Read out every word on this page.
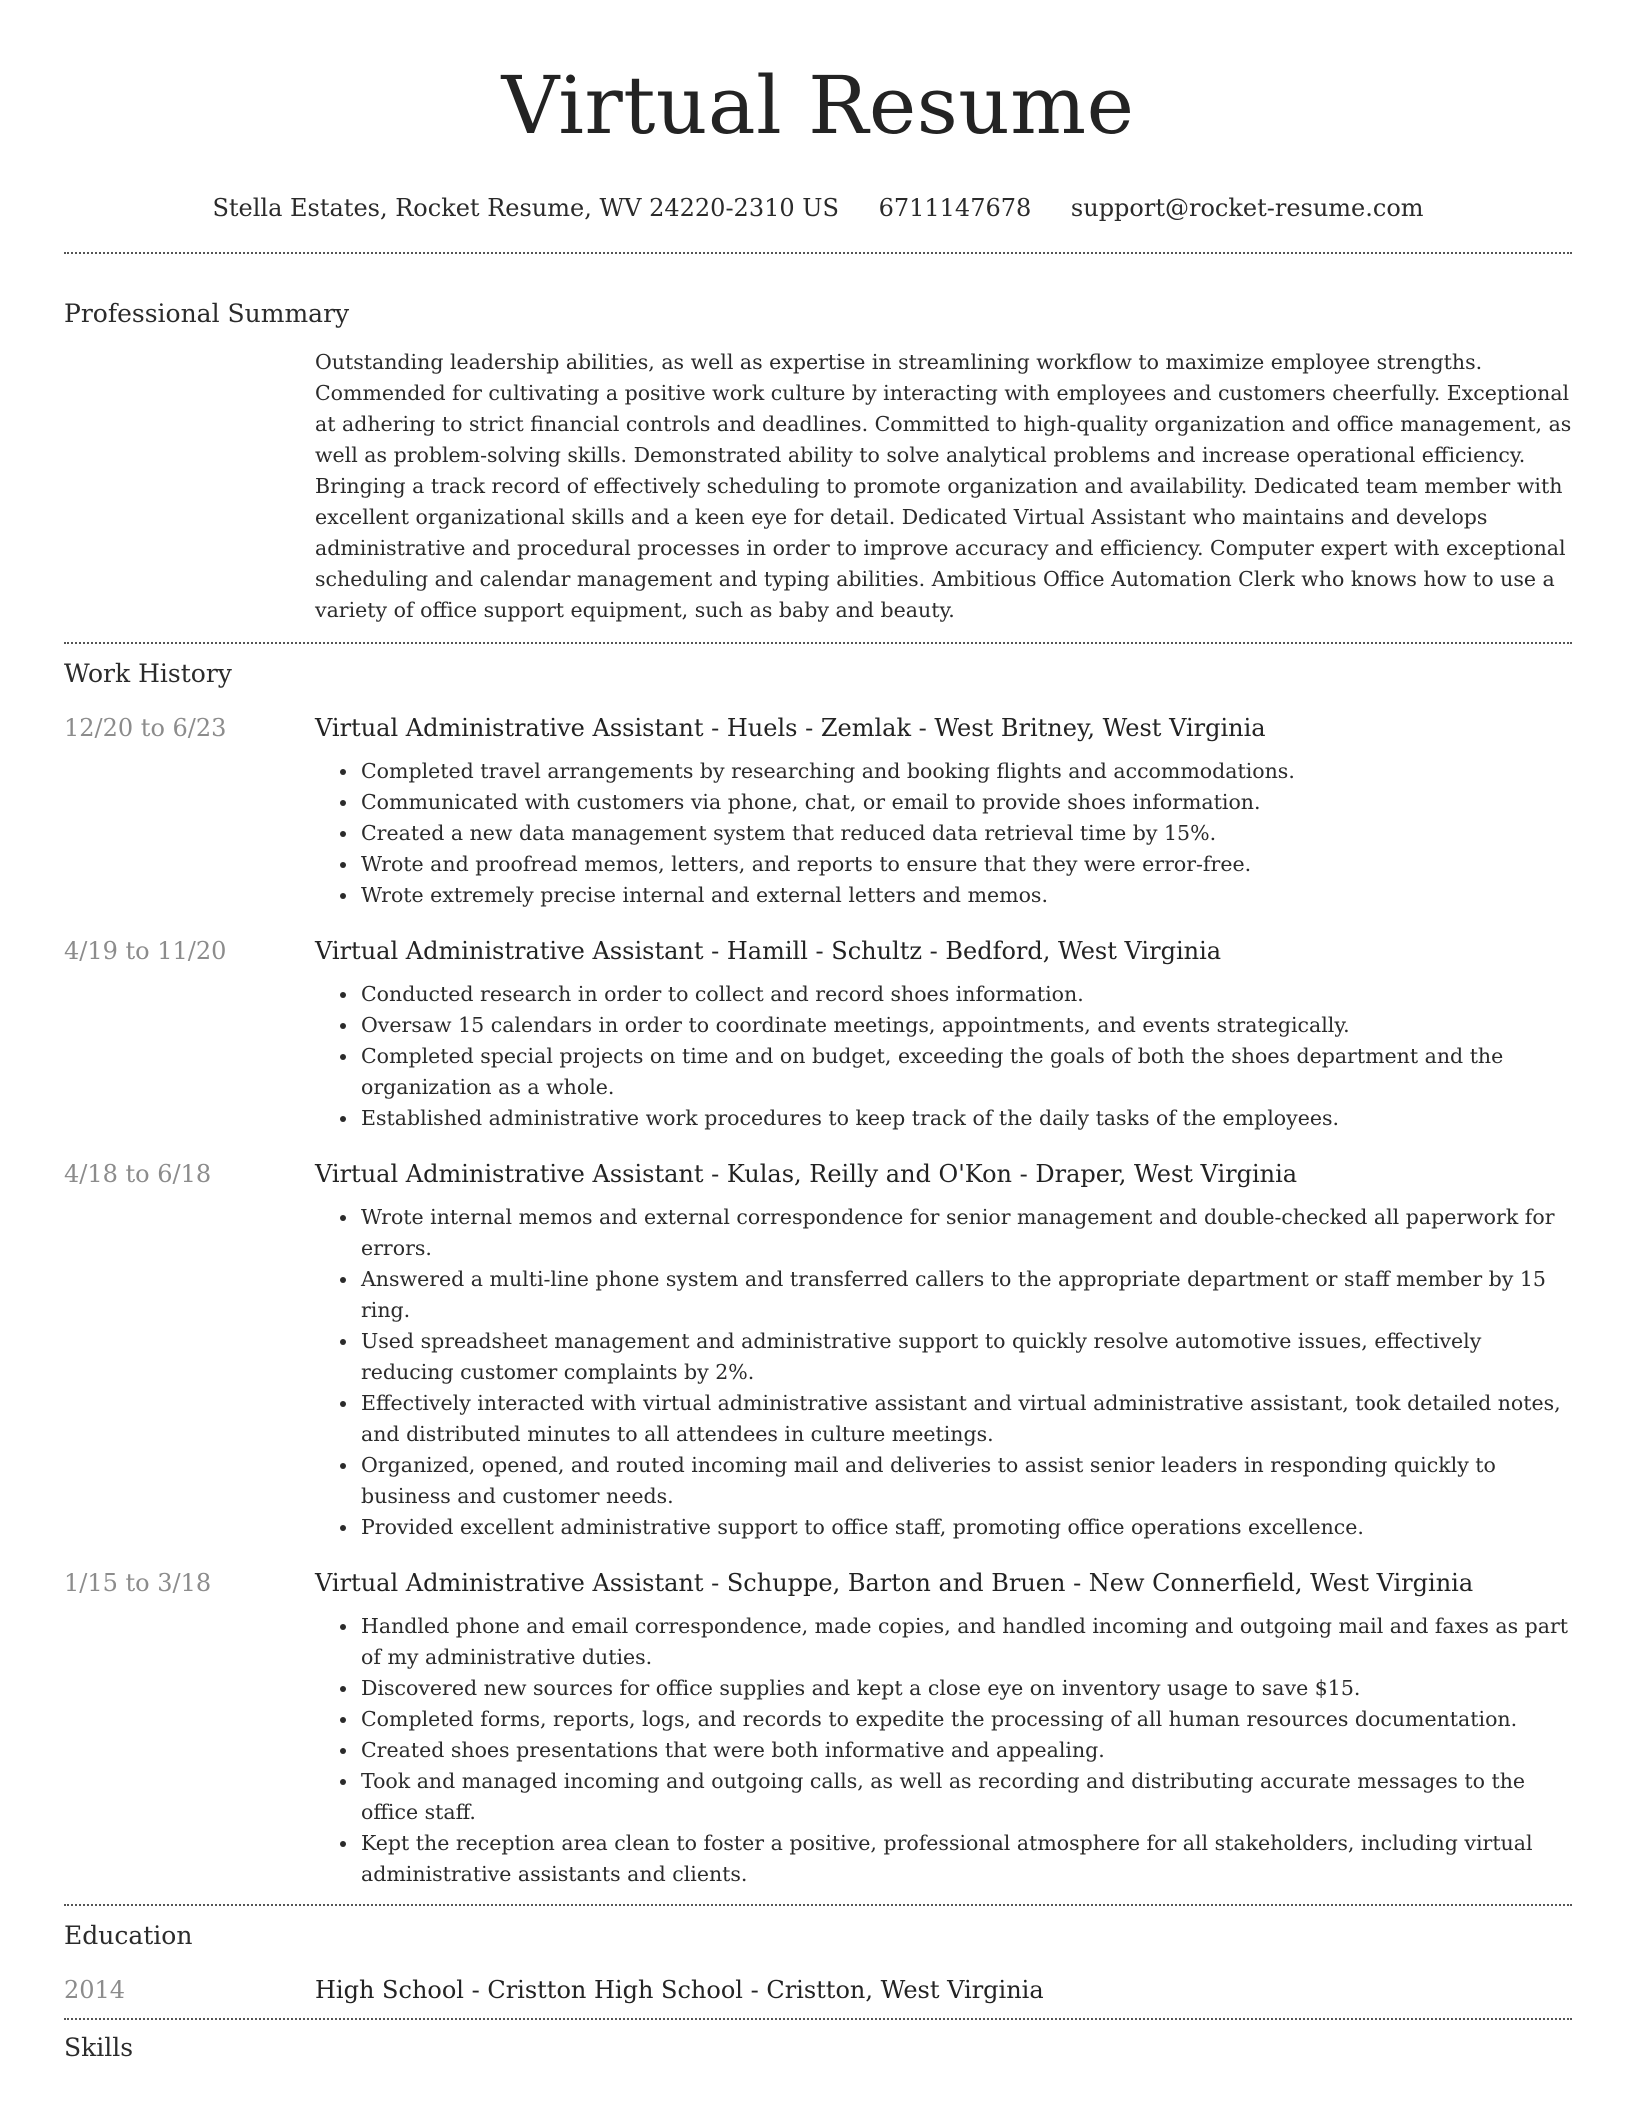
Virtual Resume
Stella Estates, Rocket Resume, WV 24220-2310 US 6711147678 support@rocket-resume.com
Professional Summary
Outstanding leadership abilities, as well as expertise in streamlining workflow to maximize employee strengths. Commended for cultivating a positive work culture by interacting with employees and customers cheerfully. Exceptional at adhering to strict financial controls and deadlines. Committed to high-quality organization and office management, as well as problem-solving skills. Demonstrated ability to solve analytical problems and increase operational efficiency. Bringing a track record of effectively scheduling to promote organization and availability. Dedicated team member with excellent organizational skills and a keen eye for detail. Dedicated Virtual Assistant who maintains and develops administrative and procedural processes in order to improve accuracy and efficiency. Computer expert with exceptional scheduling and calendar management and typing abilities. Ambitious Office Automation Clerk who knows how to use a variety of office support equipment, such as baby and beauty.
Work History
12/20 to 6/23	Virtual Administrative Assistant - Huels - Zemlak - West Britney, West Virginia
• Completed travel arrangements by researching and booking flights and accommodations.
• Communicated with customers via phone, chat, or email to provide shoes information.
• Created a new data management system that reduced data retrieval time by 15%.
• Wrote and proofread memos, letters, and reports to ensure that they were error-free.
• Wrote extremely precise internal and external letters and memos.
4/19 to 11/20	Virtual Administrative Assistant - Hamill - Schultz - Bedford, West Virginia
• Conducted research in order to collect and record shoes information.
• Oversaw 15 calendars in order to coordinate meetings, appointments, and events strategically.
• Completed special projects on time and on budget, exceeding the goals of both the shoes department and the organization as a whole.
• Established administrative work procedures to keep track of the daily tasks of the employees.
4/18 to 6/18	Virtual Administrative Assistant - Kulas, Reilly and O'Kon - Draper, West Virginia
• Wrote internal memos and external correspondence for senior management and double-checked all paperwork for errors.
• Answered a multi-line phone system and transferred callers to the appropriate department or staff member by 15 ring.
• Used spreadsheet management and administrative support to quickly resolve automotive issues, effectively reducing customer complaints by 2%.
• Effectively interacted with virtual administrative assistant and virtual administrative assistant, took detailed notes, and distributed minutes to all attendees in culture meetings.
• Organized, opened, and routed incoming mail and deliveries to assist senior leaders in responding quickly to business and customer needs.
• Provided excellent administrative support to office staff, promoting office operations excellence.
1/15 to 3/18	Virtual Administrative Assistant - Schuppe, Barton and Bruen - New Connerfield, West Virginia
• Handled phone and email correspondence, made copies, and handled incoming and outgoing mail and faxes as part of my administrative duties.
• Discovered new sources for office supplies and kept a close eye on inventory usage to save $15.
• Completed forms, reports, logs, and records to expedite the processing of all human resources documentation.
• Created shoes presentations that were both informative and appealing.
• Took and managed incoming and outgoing calls, as well as recording and distributing accurate messages to the office staff.
• Kept the reception area clean to foster a positive, professional atmosphere for all stakeholders, including virtual administrative assistants and clients.
Education
2014	High School - Cristton High School - Cristton, West Virginia
Skills
